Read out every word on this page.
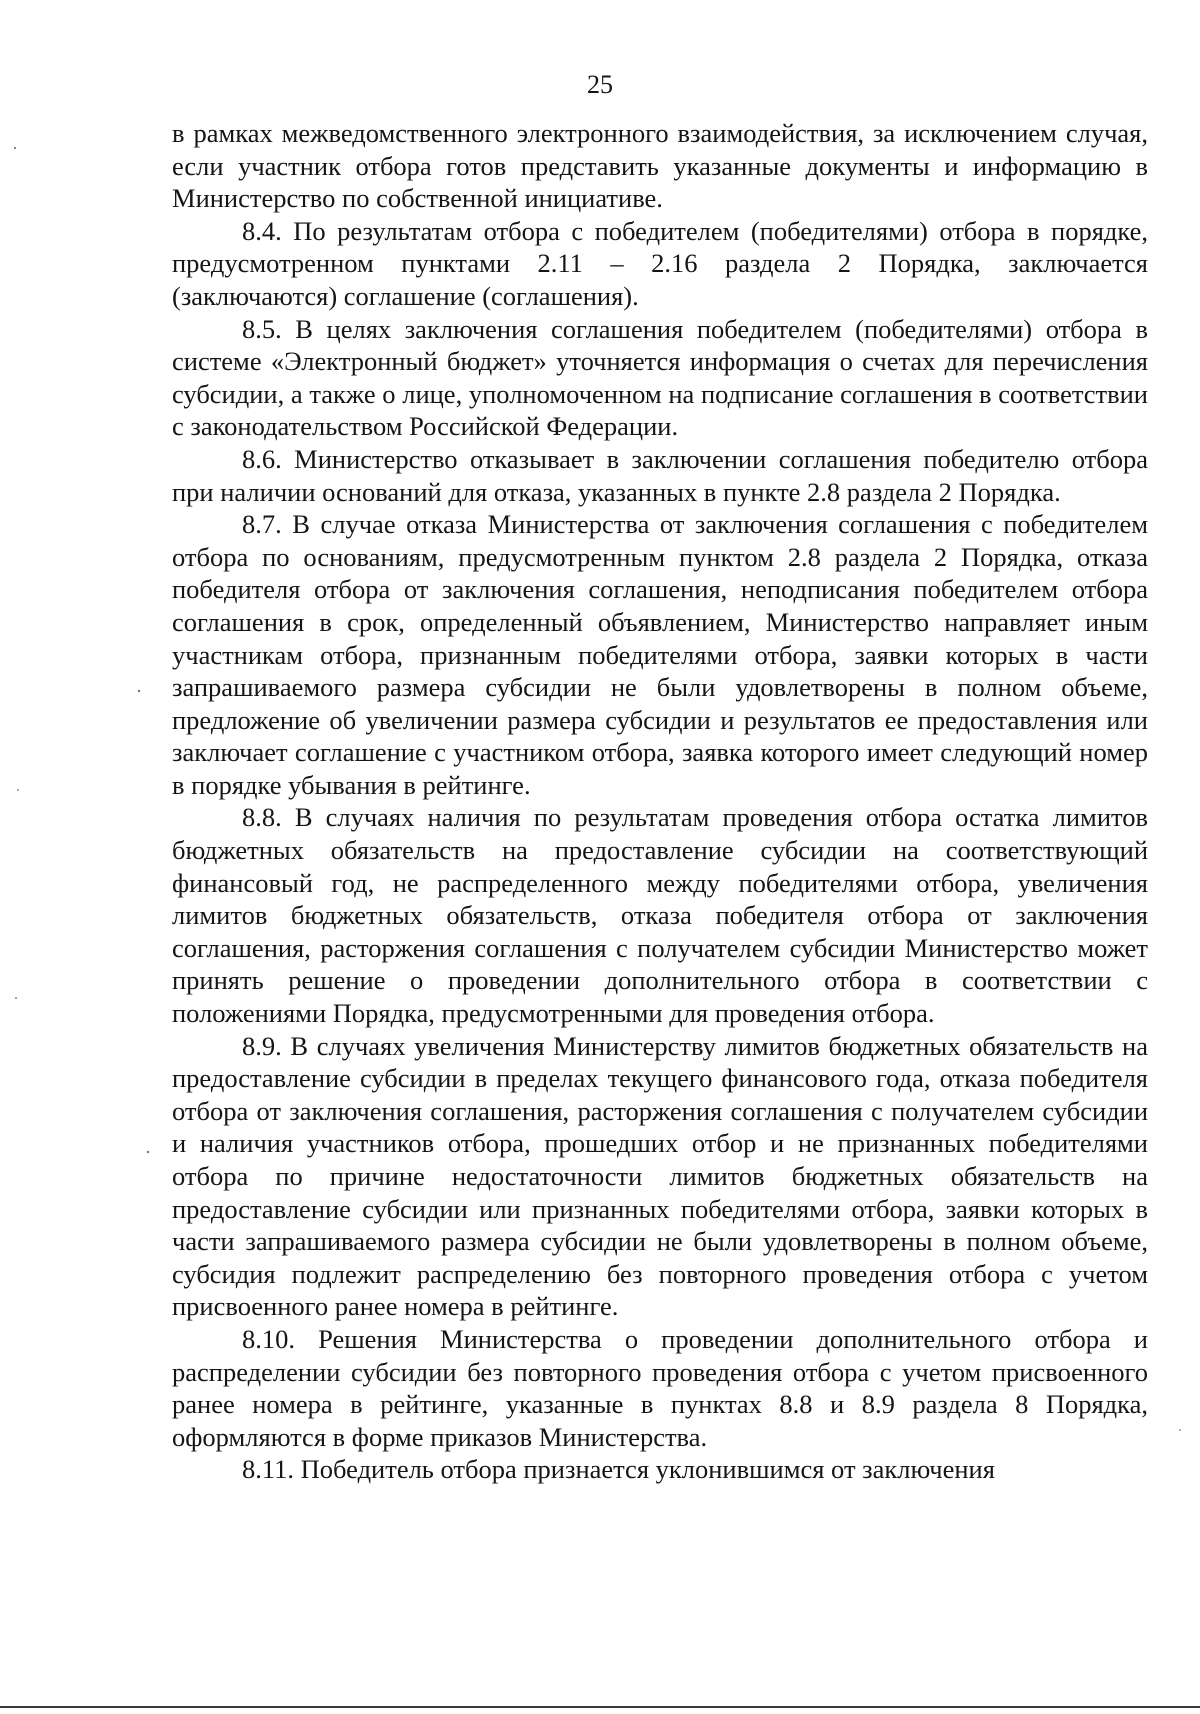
25

в рамках межведомственного электронного взаимодействия, за исключением случая, если участник отбора готов представить указанные документы и информацию в Министерство по собственной инициативе.

8.4. По результатам отбора с победителем (победителями) отбора в порядке, предусмотренном пунктами 2.11 – 2.16 раздела 2 Порядка, заключается (заключаются) соглашение (соглашения).

8.5. В целях заключения соглашения победителем (победителями) отбора в системе «Электронный бюджет» уточняется информация о счетах для перечисления субсидии, а также о лице, уполномоченном на подписание соглашения в соответствии с законодательством Российской Федерации.

8.6. Министерство отказывает в заключении соглашения победителю отбора при наличии оснований для отказа, указанных в пункте 2.8 раздела 2 Порядка.

8.7. В случае отказа Министерства от заключения соглашения с победителем отбора по основаниям, предусмотренным пунктом 2.8 раздела 2 Порядка, отказа победителя отбора от заключения соглашения, неподписания победителем отбора соглашения в срок, определенный объявлением, Министерство направляет иным участникам отбора, признанным победителями отбора, заявки которых в части запрашиваемого размера субсидии не были удовлетворены в полном объеме, предложение об увеличении размера субсидии и результатов ее предоставления или заключает соглашение с участником отбора, заявка которого имеет следующий номер в порядке убывания в рейтинге.

8.8. В случаях наличия по результатам проведения отбора остатка лимитов бюджетных обязательств на предоставление субсидии на соответствующий финансовый год, не распределенного между победителями отбора, увеличения лимитов бюджетных обязательств, отказа победителя отбора от заключения соглашения, расторжения соглашения с получателем субсидии Министерство может принять решение о проведении дополнительного отбора в соответствии с положениями Порядка, предусмотренными для проведения отбора.

8.9. В случаях увеличения Министерству лимитов бюджетных обязательств на предоставление субсидии в пределах текущего финансового года, отказа победителя отбора от заключения соглашения, расторжения соглашения с получателем субсидии и наличия участников отбора, прошедших отбор и не признанных победителями отбора по причине недостаточности лимитов бюджетных обязательств на предоставление субсидии или признанных победителями отбора, заявки которых в части запрашиваемого размера субсидии не были удовлетворены в полном объеме, субсидия подлежит распределению без повторного проведения отбора с учетом присвоенного ранее номера в рейтинге.

8.10. Решения Министерства о проведении дополнительного отбора и распределении субсидии без повторного проведения отбора с учетом присвоенного ранее номера в рейтинге, указанные в пунктах 8.8 и 8.9 раздела 8 Порядка, оформляются в форме приказов Министерства.

8.11. Победитель отбора признается уклонившимся от заключения
